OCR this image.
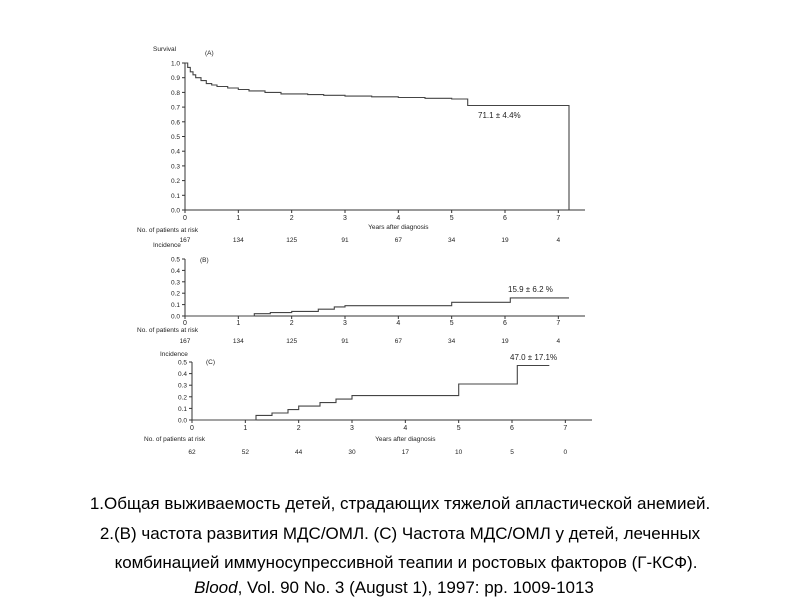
0.0
0.1
0.2
0.3
0.4
0.5
0.6
0.7
0.8
0.9
1.0
0	1	2	3	4	5	6	7
Survival
(A)
Years after diagnosis
No. of patients at risk
167	134	125	91	67	34	19	4
71.1 ± 4.4%
0.0
0.1
0.2
0.3
0.4
0.5
0	1	2	3	4	5	6	7
Incidence
(B)
No. of patients at risk
167	134	125	91	67	34	19	4
15.9 ± 6.2 %
0.0
0.1
0.2
0.3
0.4
0.5
0	1	2	3	4	5	6	7
Incidence
(C)
Years after diagnosis
No. of patients at risk
62	52	44	30	17	10	5	0
47.0 ± 17.1%
1.Общая выживаемость детей, страдающих тяжелой апластической анемией.
2.(В) частота развития МДС/ОМЛ. (С) Частота МДС/ОМЛ у детей, леченных
комбинацией иммуносупрессивной теапии и ростовых факторов (Г-КСФ).
Blood, Vol. 90 No. 3 (August 1), 1997: pp. 1009-1013
